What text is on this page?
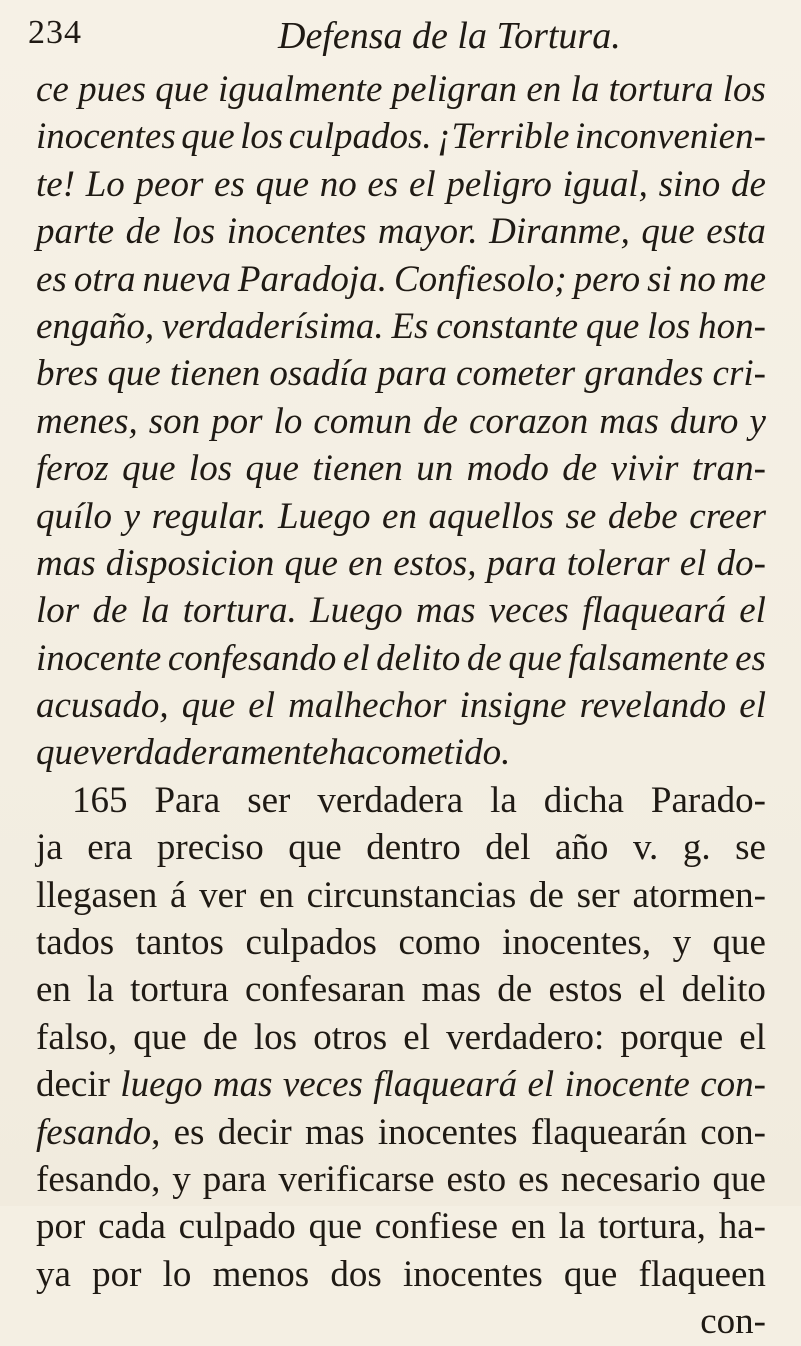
234	Defensa de la Tortura.
ce pues que igualmente peligran en la tortura los
inocentes que los culpados. ¡Terrible inconvenien-
te! Lo peor es que no es el peligro igual, sino de
parte de los inocentes mayor. Diranme, que esta
es otra nueva Paradoja. Confiesolo; pero si no me
engaño, verdaderísima. Es constante que los hon-
bres que tienen osadía para cometer grandes cri-
menes, son por lo comun de corazon mas duro y
feroz que los que tienen un modo de vivir tran-
quílo y regular. Luego en aquellos se debe creer
mas disposicion que en estos, para tolerar el do-
lor de la tortura. Luego mas veces flaqueará el
inocente confesando el delito de que falsamente es
acusado, que el malhechor insigne revelando el
que verdaderamente ha cometido.
165 Para ser verdadera la dicha Parado-
ja era preciso que dentro del año v. g. se
llegasen á ver en circunstancias de ser atormen-
tados tantos culpados como inocentes, y que
en la tortura confesaran mas de estos el delito
falso, que de los otros el verdadero: porque el
decir luego mas veces flaqueará el inocente con-
fesando, es decir mas inocentes flaquearán con-
fesando, y para verificarse esto es necesario que
por cada culpado que confiese en la tortura, ha-
ya por lo menos dos inocentes que flaqueen
con-
